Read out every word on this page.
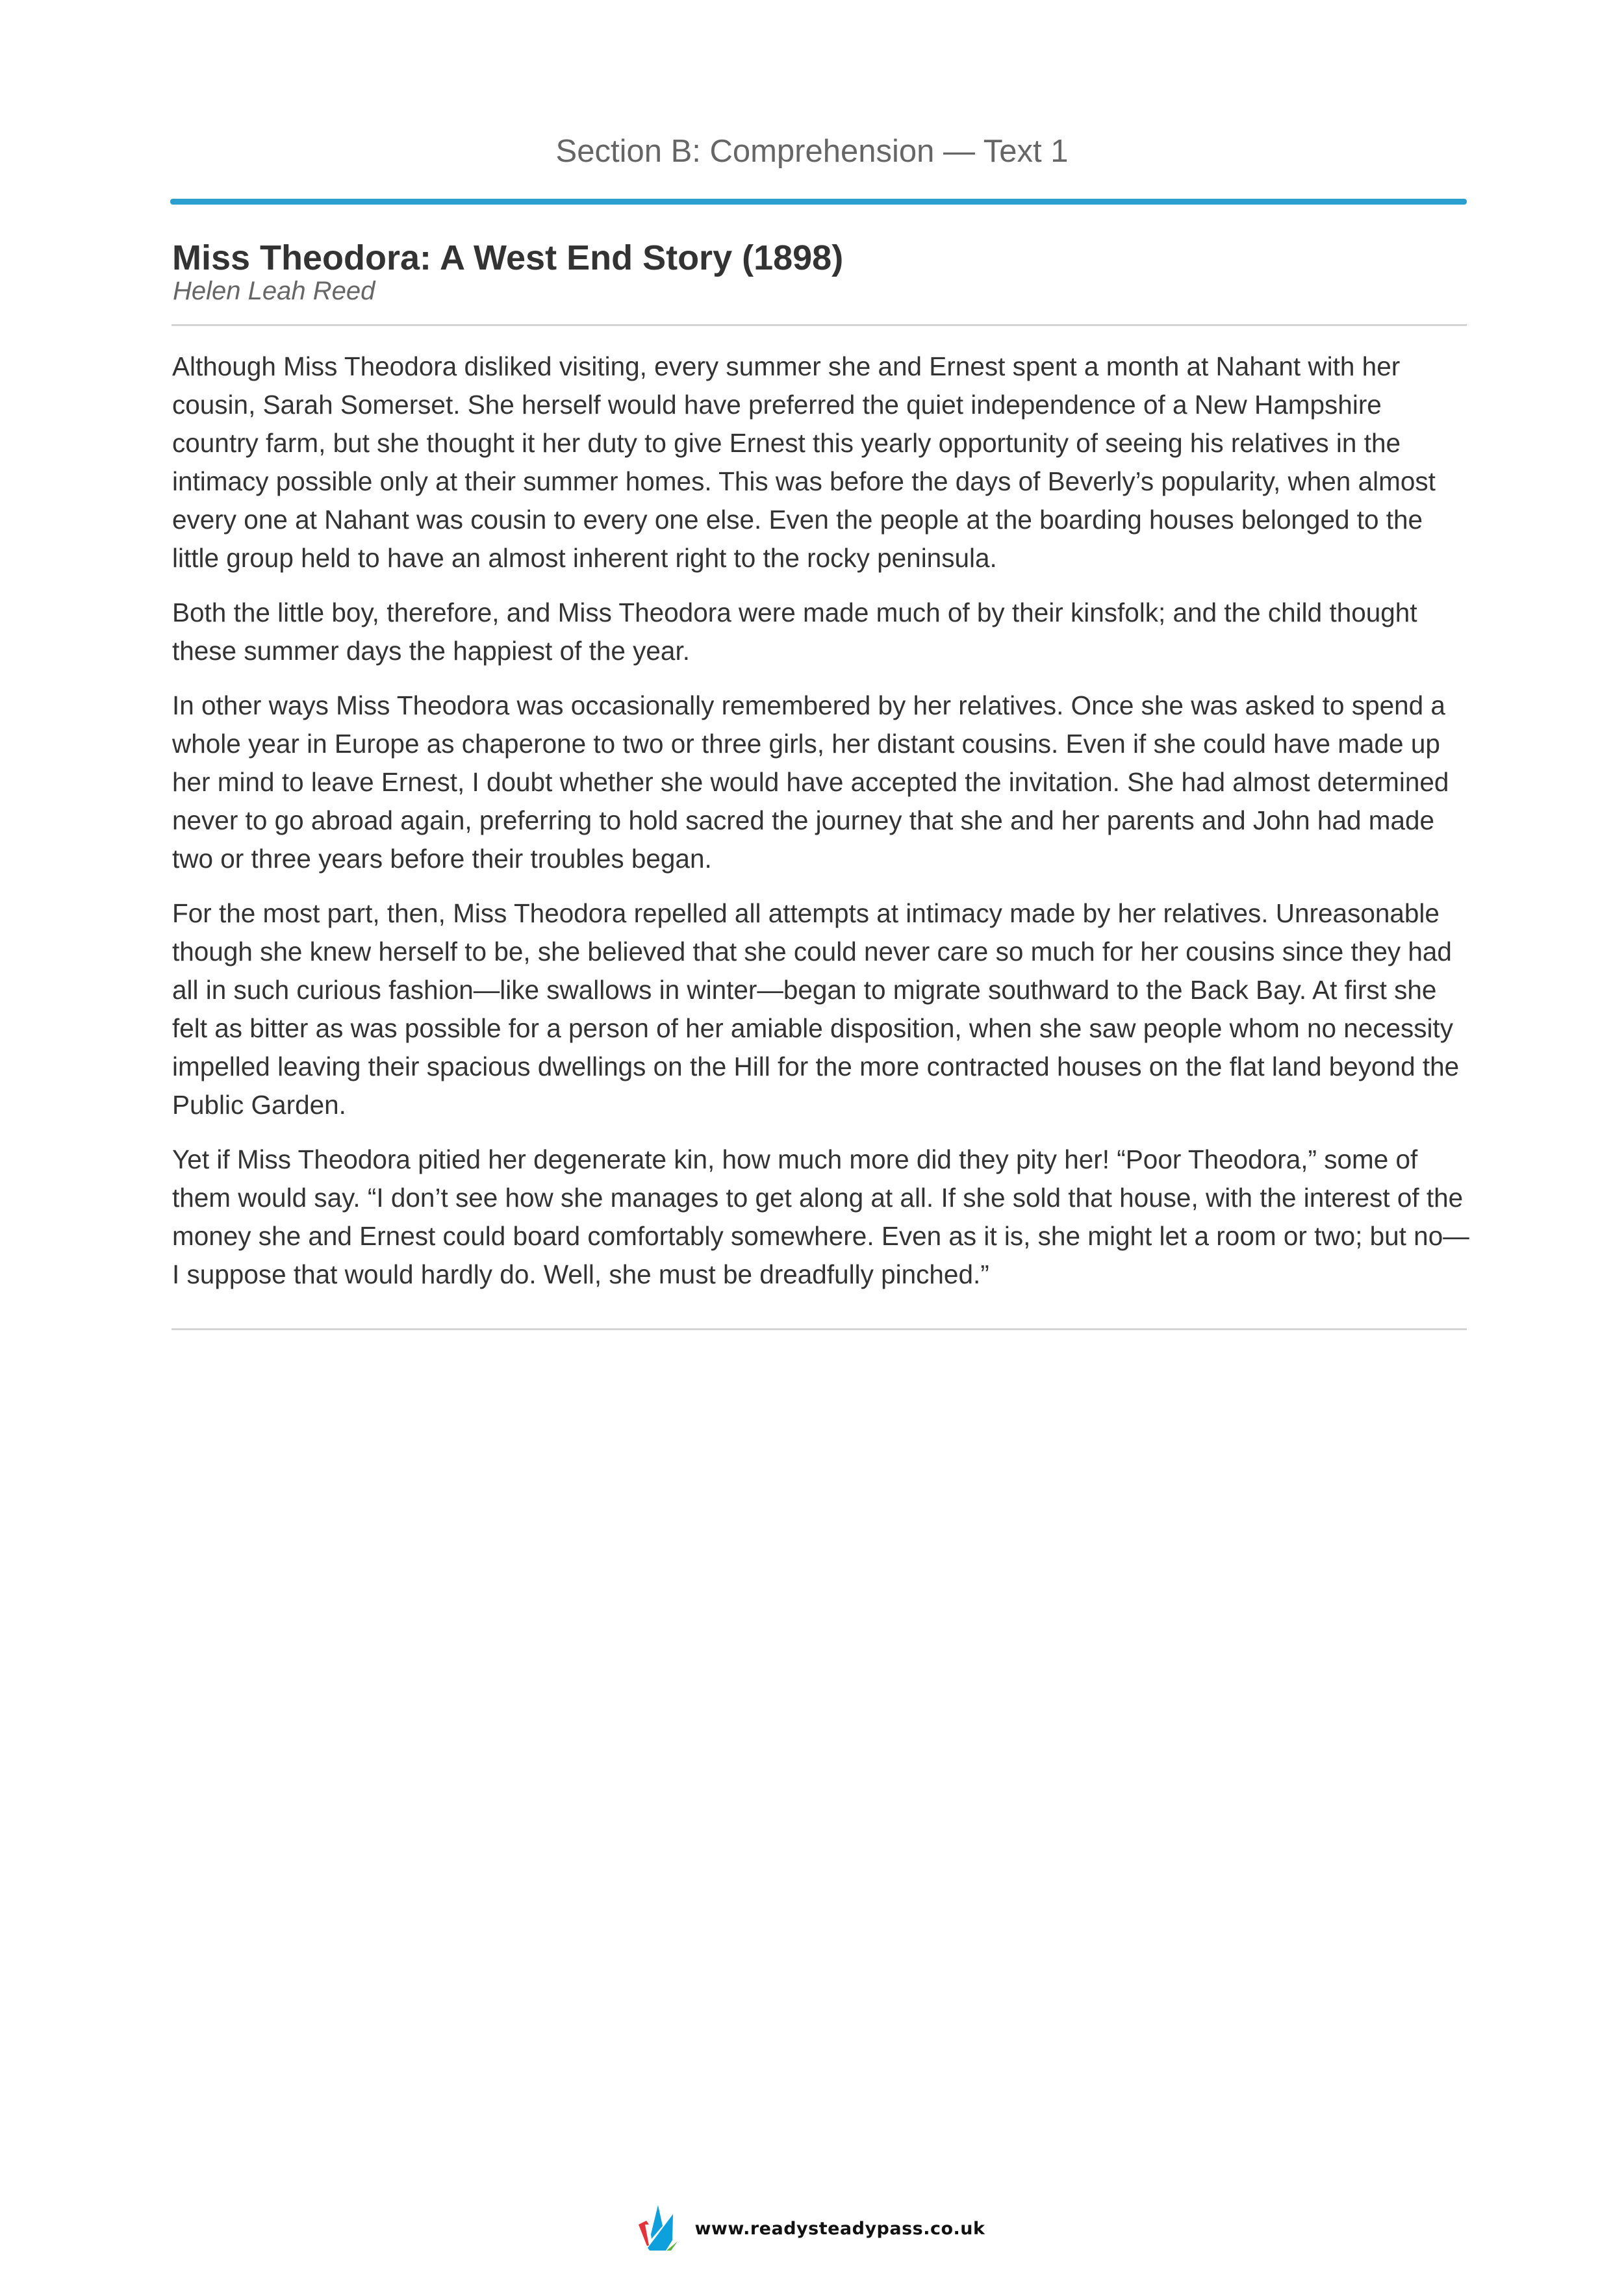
Section B: Comprehension — Text 1
Miss Theodora: A West End Story (1898)
Helen Leah Reed

Although Miss Theodora disliked visiting, every summer she and Ernest spent a month at Nahant with her cousin, Sarah Somerset. She herself would have preferred the quiet independence of a New Hampshire country farm, but she thought it her duty to give Ernest this yearly opportunity of seeing his relatives in the intimacy possible only at their summer homes. This was before the days of Beverly’s popularity, when almost every one at Nahant was cousin to every one else. Even the people at the boarding houses belonged to the little group held to have an almost inherent right to the rocky peninsula.

Both the little boy, therefore, and Miss Theodora were made much of by their kinsfolk; and the child thought these summer days the happiest of the year.

In other ways Miss Theodora was occasionally remembered by her relatives. Once she was asked to spend a whole year in Europe as chaperone to two or three girls, her distant cousins. Even if she could have made up her mind to leave Ernest, I doubt whether she would have accepted the invitation. She had almost determined never to go abroad again, preferring to hold sacred the journey that she and her parents and John had made two or three years before their troubles began.

For the most part, then, Miss Theodora repelled all attempts at intimacy made by her relatives. Unreasonable though she knew herself to be, she believed that she could never care so much for her cousins since they had all in such curious fashion—like swallows in winter—began to migrate southward to the Back Bay. At first she felt as bitter as was possible for a person of her amiable disposition, when she saw people whom no necessity impelled leaving their spacious dwellings on the Hill for the more contracted houses on the flat land beyond the Public Garden.

Yet if Miss Theodora pitied her degenerate kin, how much more did they pity her! “Poor Theodora,” some of them would say. “I don’t see how she manages to get along at all. If she sold that house, with the interest of the money she and Ernest could board comfortably somewhere. Even as it is, she might let a room or two; but no—I suppose that would hardly do. Well, she must be dreadfully pinched.”

www.readysteadypass.co.uk
